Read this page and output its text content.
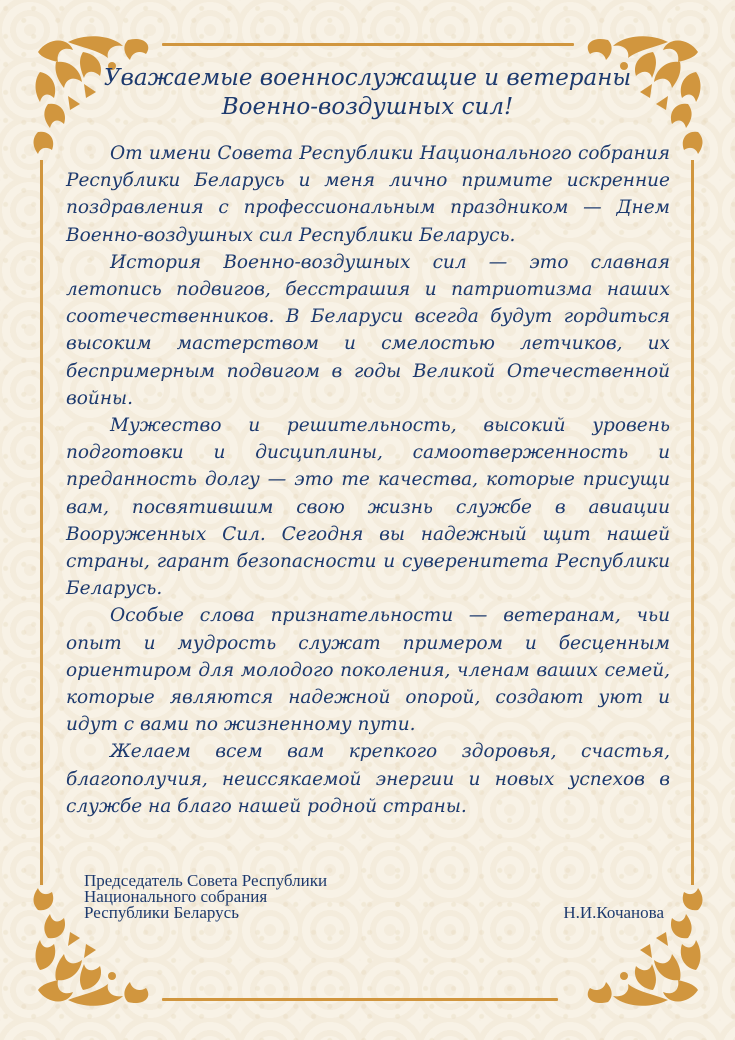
Уважаемые военнослужащие и ветераны
Военно-воздушных сил!

От имени Совета Республики Национального собрания Республики Беларусь и меня лично примите искренние поздравления с профессиональным праздником — Днем Военно-воздушных сил Республики Беларусь.

История Военно-воздушных сил — это славная летопись подвигов, бесстрашия и патриотизма наших соотечественников. В Беларуси всегда будут гордиться высоким мастерством и смелостью летчиков, их беспримерным подвигом в годы Великой Отечественной войны.

Мужество и решительность, высокий уровень подготовки и дисциплины, самоотверженность и преданность долгу — это те качества, которые присущи вам, посвятившим свою жизнь службе в авиации Вооруженных Сил. Сегодня вы надежный щит нашей страны, гарант безопасности и суверенитета Республики Беларусь.

Особые слова признательности — ветеранам, чьи опыт и мудрость служат примером и бесценным ориентиром для молодого поколения, членам ваших семей, которые являются надежной опорой, создают уют и идут с вами по жизненному пути.

Желаем всем вам крепкого здоровья, счастья, благополучия, неиссякаемой энергии и новых успехов в службе на благо нашей родной страны.

Председатель Совета Республики
Национального собрания
Республики Беларусь	Н.И.Кочанова
